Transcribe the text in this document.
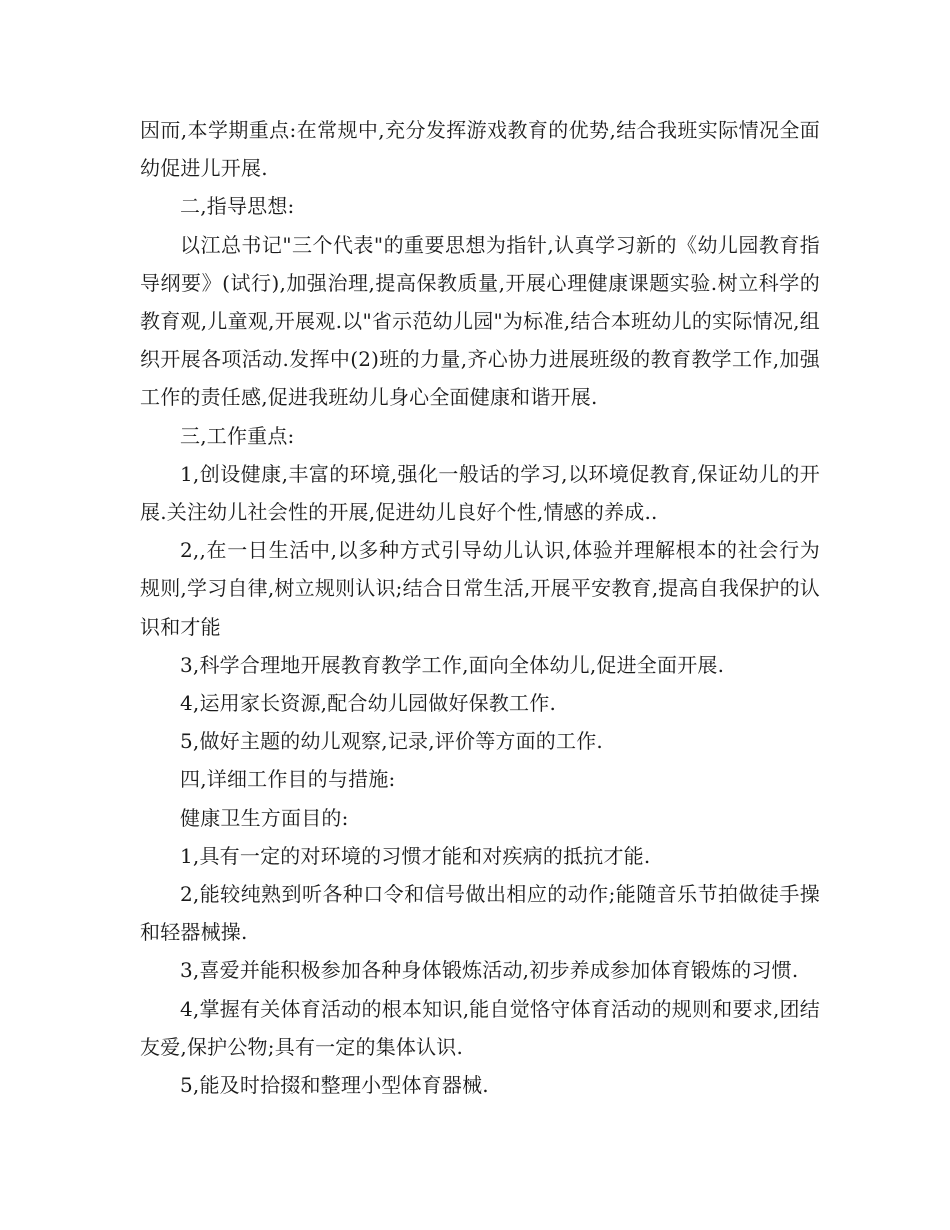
因而,本学期重点:在常规中,充分发挥游戏教育的优势,结合我班实际情况全面幼促进儿开展.

二,指导思想:

以江总书记"三个代表"的重要思想为指针,认真学习新的《幼儿园教育指导纲要》(试行),加强治理,提高保教质量,开展心理健康课题实验.树立科学的教育观,儿童观,开展观.以"省示范幼儿园"为标准,结合本班幼儿的实际情况,组织开展各项活动.发挥中(2)班的力量,齐心协力进展班级的教育教学工作,加强工作的责任感,促进我班幼儿身心全面健康和谐开展.

三,工作重点:

1,创设健康,丰富的环境,强化一般话的学习,以环境促教育,保证幼儿的开展.关注幼儿社会性的开展,促进幼儿良好个性,情感的养成..

2,,在一日生活中,以多种方式引导幼儿认识,体验并理解根本的社会行为规则,学习自律,树立规则认识;结合日常生活,开展平安教育,提高自我保护的认识和才能

3,科学合理地开展教育教学工作,面向全体幼儿,促进全面开展.

4,运用家长资源,配合幼儿园做好保教工作.

5,做好主题的幼儿观察,记录,评价等方面的工作.

四,详细工作目的与措施:

健康卫生方面目的:

1,具有一定的对环境的习惯才能和对疾病的抵抗才能.

2,能较纯熟到听各种口令和信号做出相应的动作;能随音乐节拍做徒手操和轻器械操.

3,喜爱并能积极参加各种身体锻炼活动,初步养成参加体育锻炼的习惯.

4,掌握有关体育活动的根本知识,能自觉恪守体育活动的规则和要求,团结友爱,保护公物;具有一定的集体认识.

5,能及时拾掇和整理小型体育器械.
